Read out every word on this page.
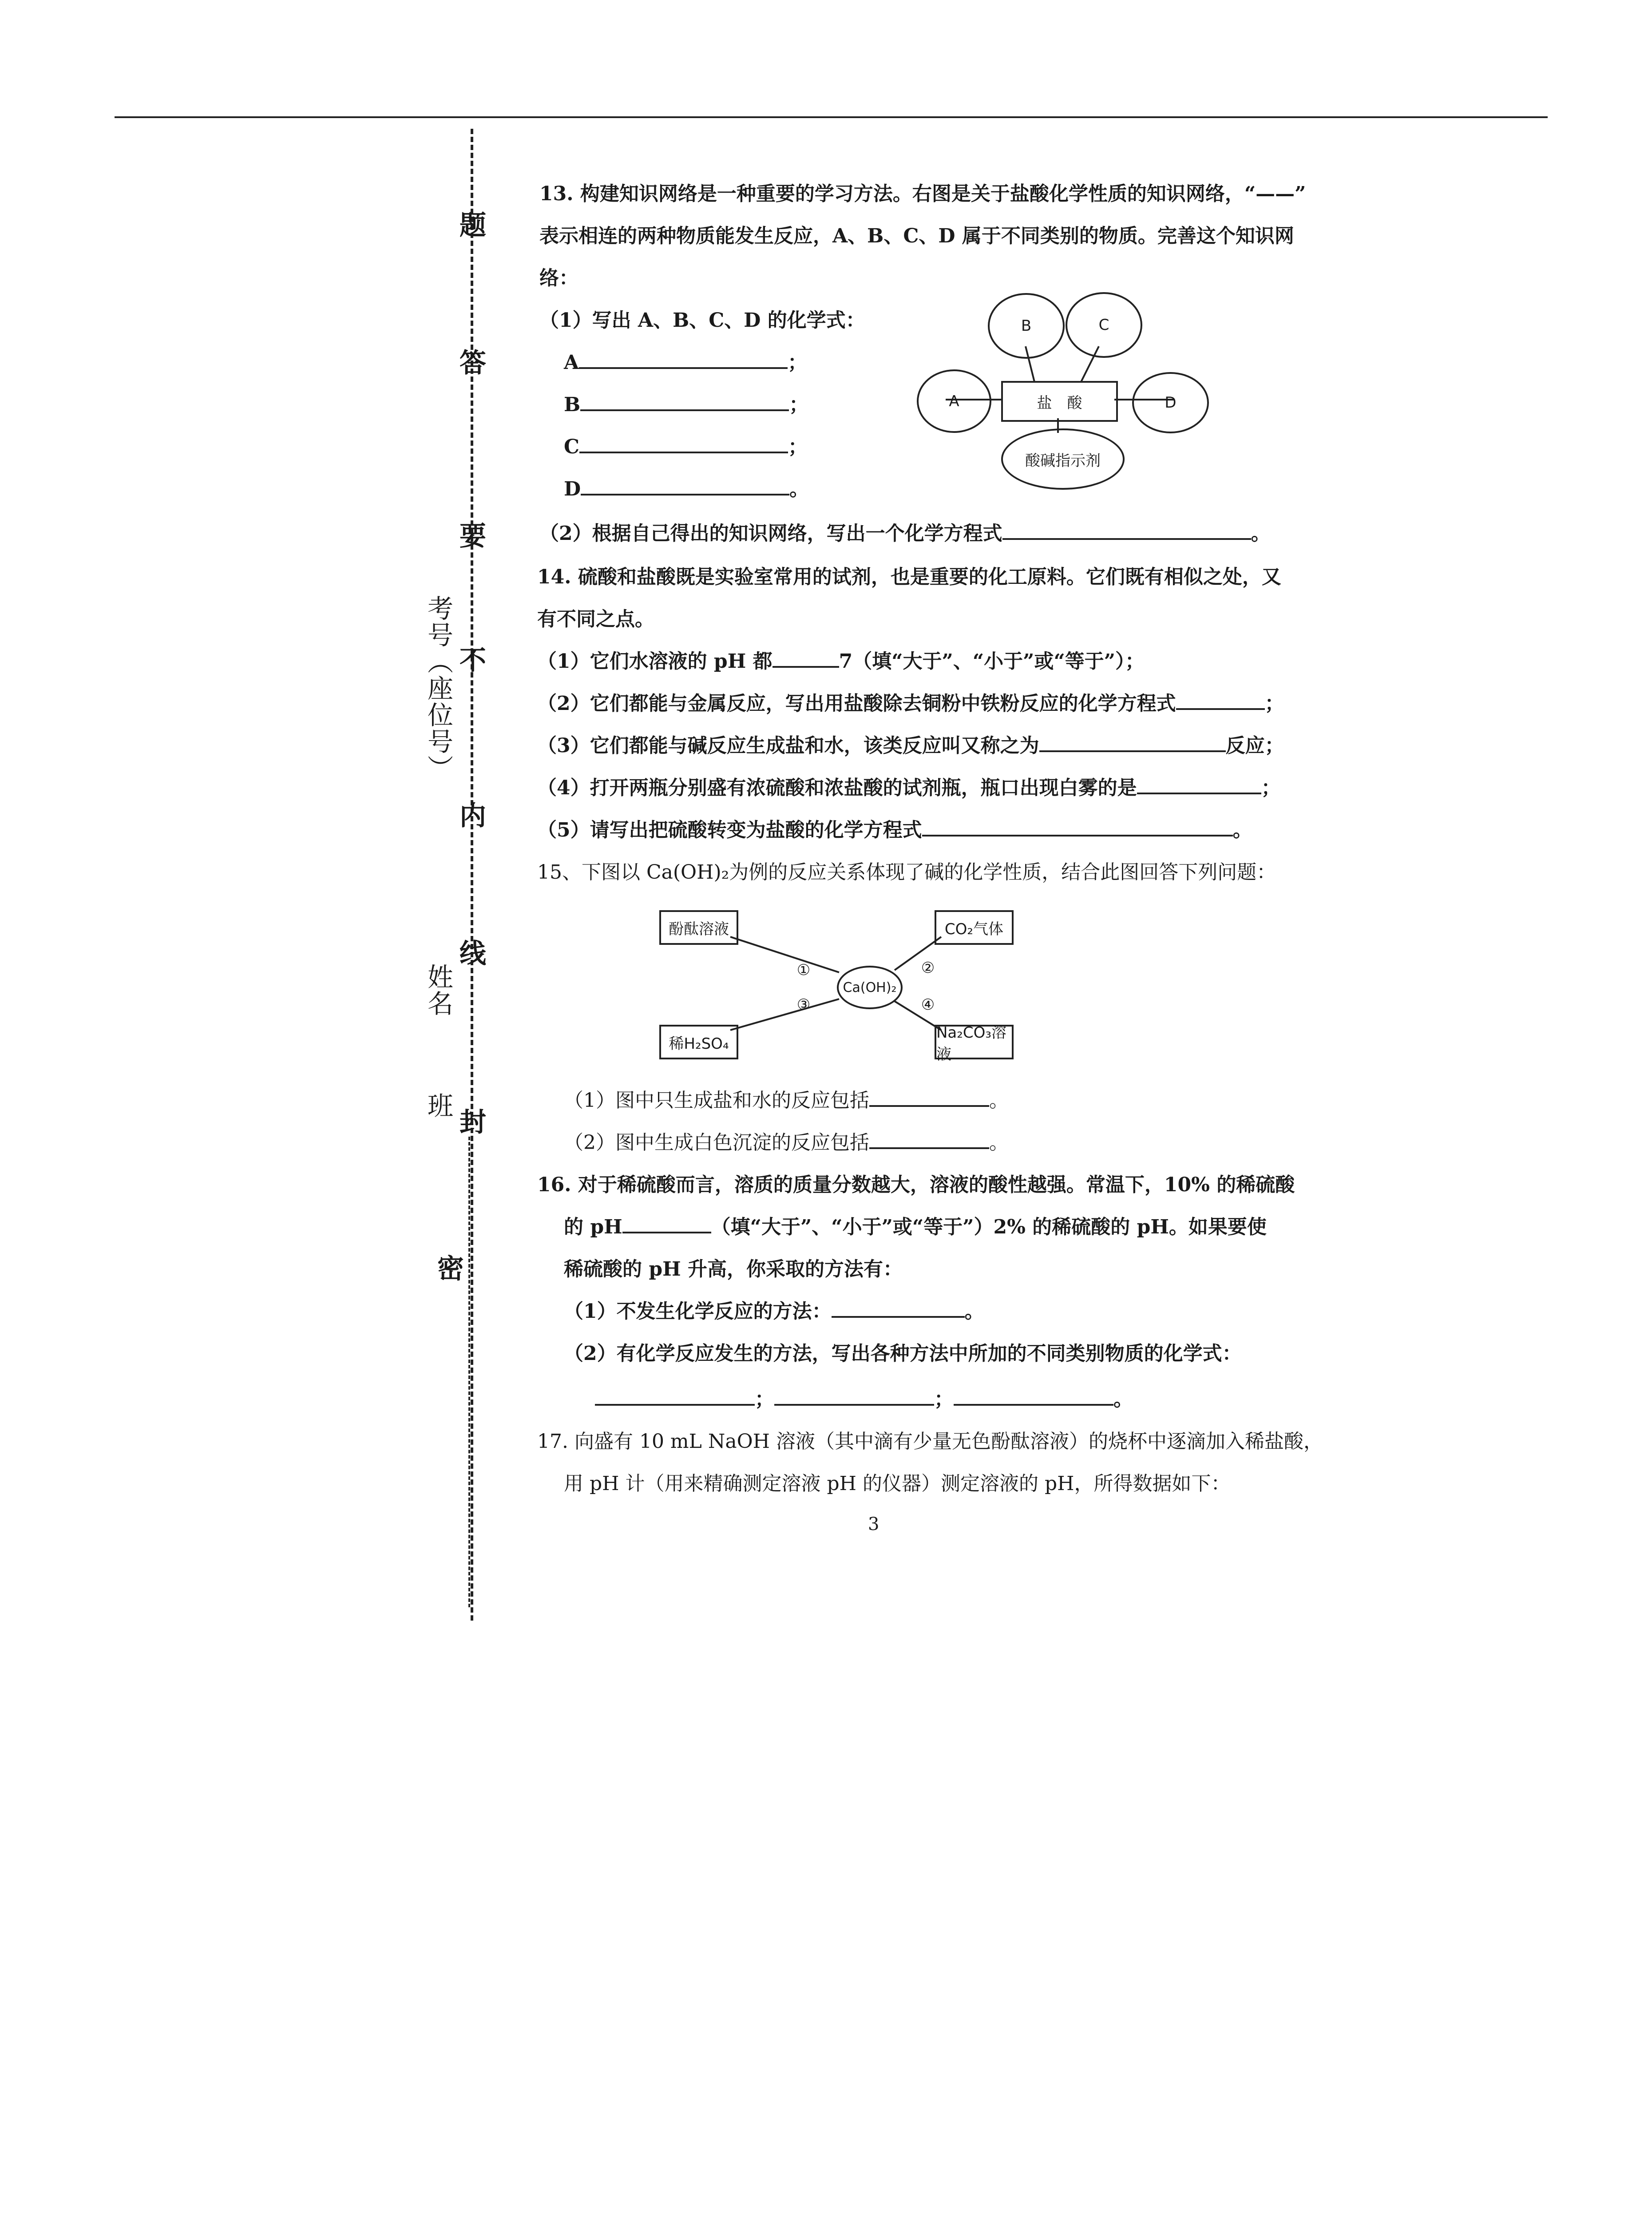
题
答
要
不
内
线
封
密
考号（座位号）
姓名
班
13. 构建知识网络是一种重要的学习方法。右图是关于盐酸化学性质的知识网络，“——”
表示相连的两种物质能发生反应，A、B、C、D 属于不同类别的物质。完善这个知识网
络：
（1）写出 A、B、C、D 的化学式：
A	；
B	；
C	；
D	。
（2）根据自己得出的知识网络，写出一个化学方程式	。
盐　酸
A
B	C
D
酸碱指示剂
14. 硫酸和盐酸既是实验室常用的试剂，也是重要的化工原料。它们既有相似之处，又
有不同之点。
（1）它们水溶液的 pH 都	7（填“大于”、“小于”或“等于”）；
（2）它们都能与金属反应，写出用盐酸除去铜粉中铁粉反应的化学方程式	；
（3）它们都能与碱反应生成盐和水，该类反应叫又称之为	反应；
（4）打开两瓶分别盛有浓硫酸和浓盐酸的试剂瓶，瓶口出现白雾的是	；
（5）请写出把硫酸转变为盐酸的化学方程式	。
15、下图以 Ca(OH)₂为例的反应关系体现了碱的化学性质，结合此图回答下列问题：
酚酞溶液	CO₂气体
稀H₂SO₄
Na₂CO₃溶液
Ca(OH)₂
①	②
③	④
（1）图中只生成盐和水的反应包括	。
（2）图中生成白色沉淀的反应包括	。
16. 对于稀硫酸而言，溶质的质量分数越大，溶液的酸性越强。常温下，10% 的稀硫酸
的 pH	（填“大于”、“小于”或“等于”）2% 的稀硫酸的 pH。如果要使
稀硫酸的 pH 升高，你采取的方法有：
（1）不发生化学反应的方法：	。
（2）有化学反应发生的方法，写出各种方法中所加的不同类别物质的化学式：
；	；	。
17. 向盛有 10 mL NaOH 溶液（其中滴有少量无色酚酞溶液）的烧杯中逐滴加入稀盐酸，
用 pH 计（用来精确测定溶液 pH 的仪器）测定溶液的 pH，所得数据如下：
3
